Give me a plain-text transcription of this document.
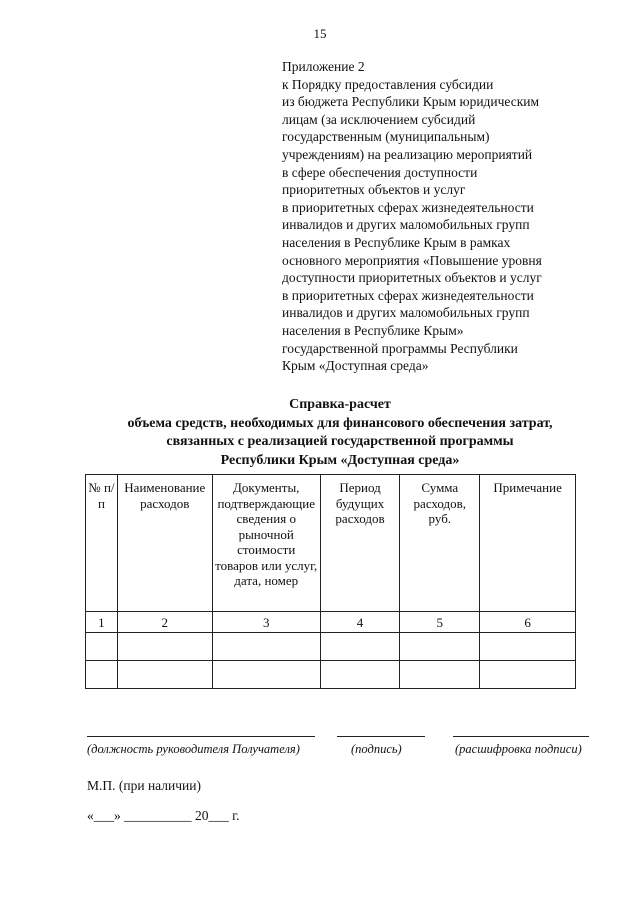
15
Приложение 2
к Порядку предоставления субсидии
из бюджета Республики Крым юридическим
лицам (за исключением субсидий
государственным (муниципальным)
учреждениям) на реализацию мероприятий
в сфере обеспечения доступности
приоритетных объектов и услуг
в приоритетных сферах жизнедеятельности
инвалидов и других маломобильных групп
населения в Республике Крым в рамках
основного мероприятия «Повышение уровня
доступности приоритетных объектов и услуг
в приоритетных сферах жизнедеятельности
инвалидов и других маломобильных групп
населения в Республике Крым»
государственной программы Республики
Крым «Доступная среда»
Справка-расчет
объема средств, необходимых для финансового обеспечения затрат,
связанных с реализацией государственной программы
Республики Крым «Доступная среда»
№ п/п	Наименование расходов	Документы, подтверждающие сведения о рыночной стоимости товаров или услуг, дата, номер	Период будущих расходов	Сумма расходов, руб.	Примечание
1	2	3	4	5	6

(должность руководителя Получателя)	(подпись)	(расшифровка подписи)
М.П. (при наличии)
«___» __________ 20___ г.
